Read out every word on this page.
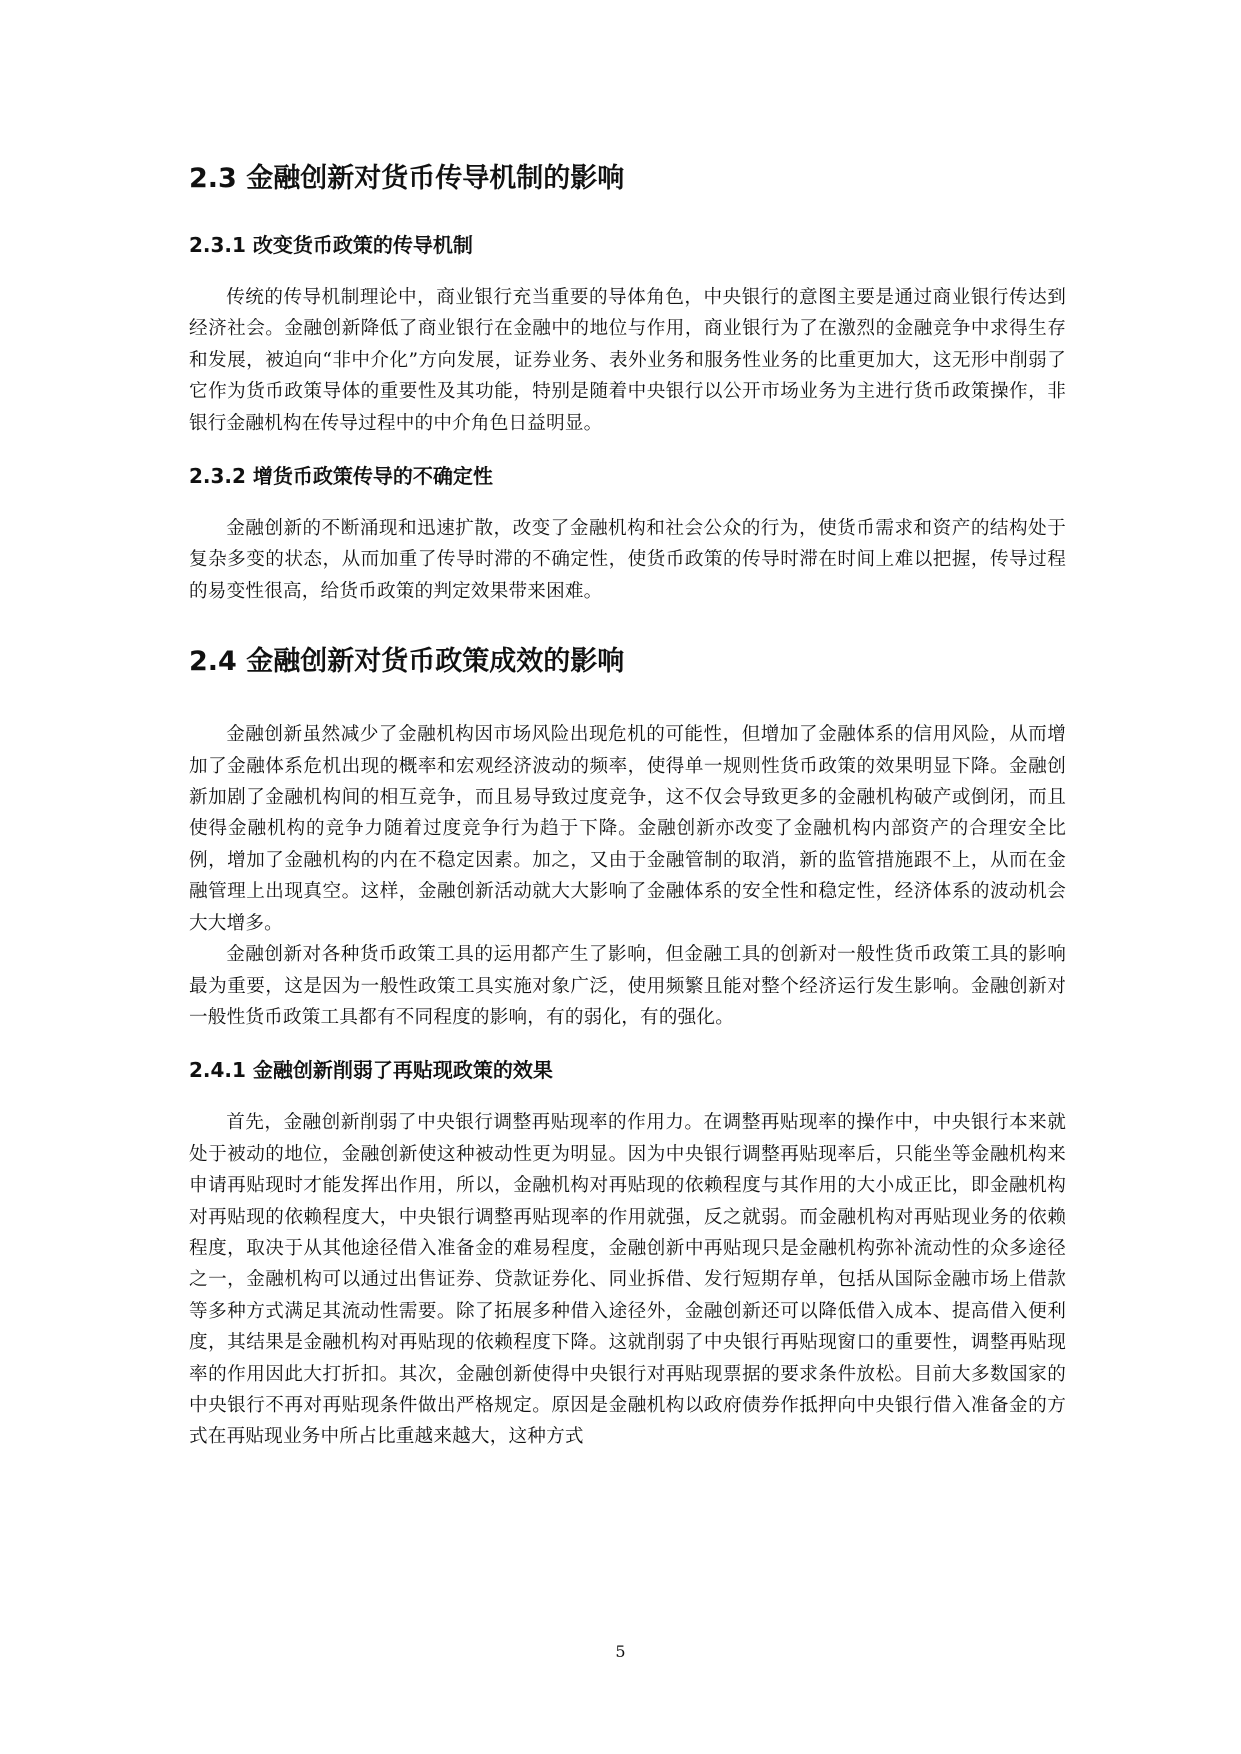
2.3 金融创新对货币传导机制的影响
2.3.1 改变货币政策的传导机制

传统的传导机制理论中，商业银行充当重要的导体角色，中央银行的意图主要是通过商业银行传达到经济社会。金融创新降低了商业银行在金融中的地位与作用，商业银行为了在激烈的金融竞争中求得生存和发展，被迫向“非中介化”方向发展，证券业务、表外业务和服务性业务的比重更加大，这无形中削弱了它作为货币政策导体的重要性及其功能，特别是随着中央银行以公开市场业务为主进行货币政策操作，非银行金融机构在传导过程中的中介角色日益明显。

2.3.2 增货币政策传导的不确定性

金融创新的不断涌现和迅速扩散，改变了金融机构和社会公众的行为，使货币需求和资产的结构处于复杂多变的状态，从而加重了传导时滞的不确定性，使货币政策的传导时滞在时间上难以把握，传导过程的易变性很高，给货币政策的判定效果带来困难。

2.4 金融创新对货币政策成效的影响

金融创新虽然减少了金融机构因市场风险出现危机的可能性，但增加了金融体系的信用风险，从而增加了金融体系危机出现的概率和宏观经济波动的频率，使得单一规则性货币政策的效果明显下降。金融创新加剧了金融机构间的相互竞争，而且易导致过度竞争，这不仅会导致更多的金融机构破产或倒闭，而且使得金融机构的竞争力随着过度竞争行为趋于下降。金融创新亦改变了金融机构内部资产的合理安全比例，增加了金融机构的内在不稳定因素。加之，又由于金融管制的取消，新的监管措施跟不上，从而在金融管理上出现真空。这样，金融创新活动就大大影响了金融体系的安全性和稳定性，经济体系的波动机会大大增多。

金融创新对各种货币政策工具的运用都产生了影响，但金融工具的创新对一般性货币政策工具的影响最为重要，这是因为一般性政策工具实施对象广泛，使用频繁且能对整个经济运行发生影响。金融创新对一般性货币政策工具都有不同程度的影响，有的弱化，有的强化。

2.4.1 金融创新削弱了再贴现政策的效果

首先，金融创新削弱了中央银行调整再贴现率的作用力。在调整再贴现率的操作中，中央银行本来就处于被动的地位，金融创新使这种被动性更为明显。因为中央银行调整再贴现率后，只能坐等金融机构来申请再贴现时才能发挥出作用，所以，金融机构对再贴现的依赖程度与其作用的大小成正比，即金融机构对再贴现的依赖程度大，中央银行调整再贴现率的作用就强，反之就弱。而金融机构对再贴现业务的依赖程度，取决于从其他途径借入准备金的难易程度，金融创新中再贴现只是金融机构弥补流动性的众多途径之一，金融机构可以通过出售证券、贷款证券化、同业拆借、发行短期存单，包括从国际金融市场上借款等多种方式满足其流动性需要。除了拓展多种借入途径外，金融创新还可以降低借入成本、提高借入便利度，其结果是金融机构对再贴现的依赖程度下降。这就削弱了中央银行再贴现窗口的重要性，调整再贴现率的作用因此大打折扣。其次，金融创新使得中央银行对再贴现票据的要求条件放松。目前大多数国家的中央银行不再对再贴现条件做出严格规定。原因是金融机构以政府债券作抵押向中央银行借入准备金的方式在再贴现业务中所占比重越来越大，这种方式

5
